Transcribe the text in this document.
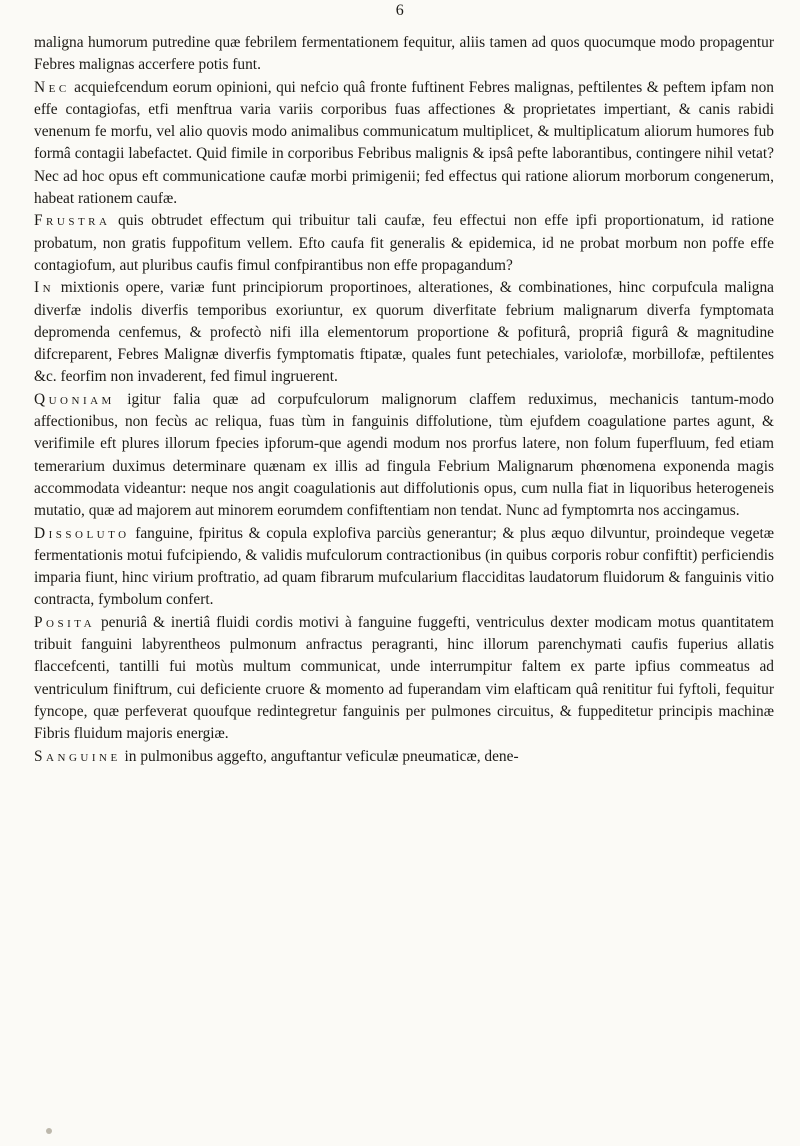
6

maligna humorum putredine quæ febrilem fermentationem fequitur, aliis tamen ad quos quocumque modo propagentur Febres malignas accerfere potis funt.

Nec acquiefcendum eorum opinioni, qui nefcio quâ fronte fuftinent Febres malignas, peftilentes & peftem ipfam non effe contagiofas, etfi menftrua varia variis corporibus fuas affectiones & proprietates impertiant, & canis rabidi venenum fe morfu, vel alio quovis modo animalibus communicatum multiplicet, & multiplicatum aliorum humores fub formâ contagii labefactet. Quid fimile in corporibus Febribus malignis & ipsâ pefte laborantibus, contingere nihil vetat? Nec ad hoc opus eft communicatione caufæ morbi primigenii; fed effectus qui ratione aliorum morborum congenerum, habeat rationem caufæ.

Frustra quis obtrudet effectum qui tribuitur tali caufæ, feu effectui non effe ipfi proportionatum, id ratione probatum, non gratis fuppofitum vellem. Efto caufa fit generalis & epidemica, id ne probat morbum non poffe effe contagiofum, aut pluribus caufis fimul confpirantibus non effe propagandum?

In mixtionis opere, variæ funt principiorum proportinoes, alterationes, & combinationes, hinc corpufcula maligna diverfæ indolis diverfis temporibus exoriuntur, ex quorum diverfitate febrium malignarum diverfa fymptomata depromenda cenfemus, & profectò nifi illa elementorum proportione & pofiturâ, propriâ figurâ & magnitudine difcreparent, Febres Malignæ diverfis fymptomatis ftipatæ, quales funt petechiales, variolofæ, morbillofæ, peftilentes &c. feorfim non invaderent, fed fimul ingruerent.

Quoniam igitur falia quæ ad corpufculorum malignorum claffem reduximus, mechanicis tantum-modo affectionibus, non fecùs ac reliqua, fuas tùm in fanguinis diffolutione, tùm ejufdem coagulatione partes agunt, & verifimile eft plures illorum fpecies ipforum-que agendi modum nos prorfus latere, non folum fuperfluum, fed etiam temerarium duximus determinare quænam ex illis ad fingula Febrium Malignarum phœnomena exponenda magis accommodata videantur: neque nos angit coagulationis aut diffolutionis opus, cum nulla fiat in liquoribus heterogeneis mutatio, quæ ad majorem aut minorem eorumdem confiftentiam non tendat. Nunc ad fymptomrta nos accingamus.

Dissoluto fanguine, fpiritus & copula explofiva parciùs generantur; & plus æquo dilvuntur, proindeque vegetæ fermentationis motui fufcipiendo, & validis mufculorum contractionibus (in quibus corporis robur confiftit) perficiendis imparia fiunt, hinc virium proftratio, ad quam fibrarum mufcularium flacciditas laudatorum fluidorum & fanguinis vitio contracta, fymbolum confert.

Posita penuriâ & inertiâ fluidi cordis motivi à fanguine fuggefti, ventriculus dexter modicam motus quantitatem tribuit fanguini labyrentheos pulmonum anfractus peragranti, hinc illorum parenchymati caufis fuperius allatis flaccefcenti, tantilli fui motùs multum communicat, unde interrumpitur faltem ex parte ipfius commeatus ad ventriculum finiftrum, cui deficiente cruore & momento ad fuperandam vim elafticam quâ renititur fui fyftoli, fequitur fyncope, quæ perfeverat quoufque redintegretur fanguinis per pulmones circuitus, & fuppeditetur principis machinæ Fibris fluidum majoris energiæ.

Sanguine in pulmonibus aggefto, anguftantur veficulæ pneumaticæ, dene-
